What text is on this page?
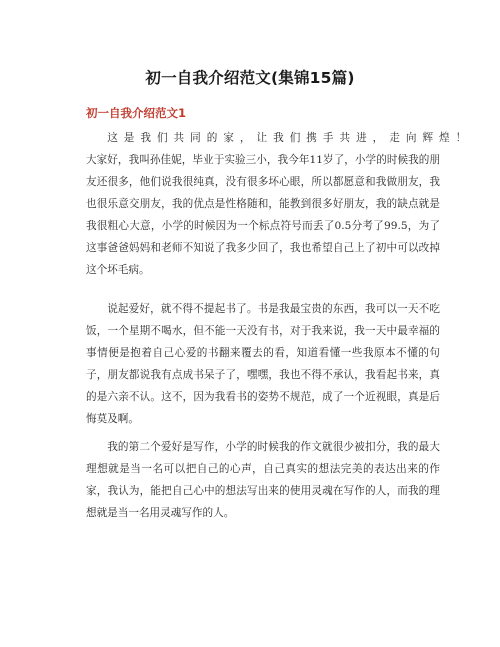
初一自我介绍范文(集锦15篇)
初一自我介绍范文1
这是我们共同的家，让我们携手共进，走向辉煌！
大家好，我叫孙佳妮，毕业于实验三小，我今年11岁了，小学的时候我的朋友还很多，他们说我很纯真，没有很多坏心眼，所以都愿意和我做朋友，我也很乐意交朋友，我的优点是性格随和，能教到很多好朋友，我的缺点就是我很粗心大意，小学的时候因为一个标点符号而丢了0.5分考了99.5，为了这事爸爸妈妈和老师不知说了我多少回了，我也希望自己上了初中可以改掉这个坏毛病。
说起爱好，就不得不提起书了。书是我最宝贵的东西，我可以一天不吃饭，一个星期不喝水，但不能一天没有书，对于我来说，我一天中最幸福的事情便是抱着自己心爱的书翻来覆去的看，知道看懂一些我原本不懂的句子，朋友都说我有点成书呆子了，嘿嘿，我也不得不承认，我看起书来，真的是六亲不认。这不，因为我看书的姿势不规范，成了一个近视眼，真是后悔莫及啊。
我的第二个爱好是写作，小学的时候我的作文就很少被扣分，我的最大理想就是当一名可以把自己的心声，自己真实的想法完美的表达出来的作家，我认为，能把自己心中的想法写出来的使用灵魂在写作的人，而我的理想就是当一名用灵魂写作的人。
